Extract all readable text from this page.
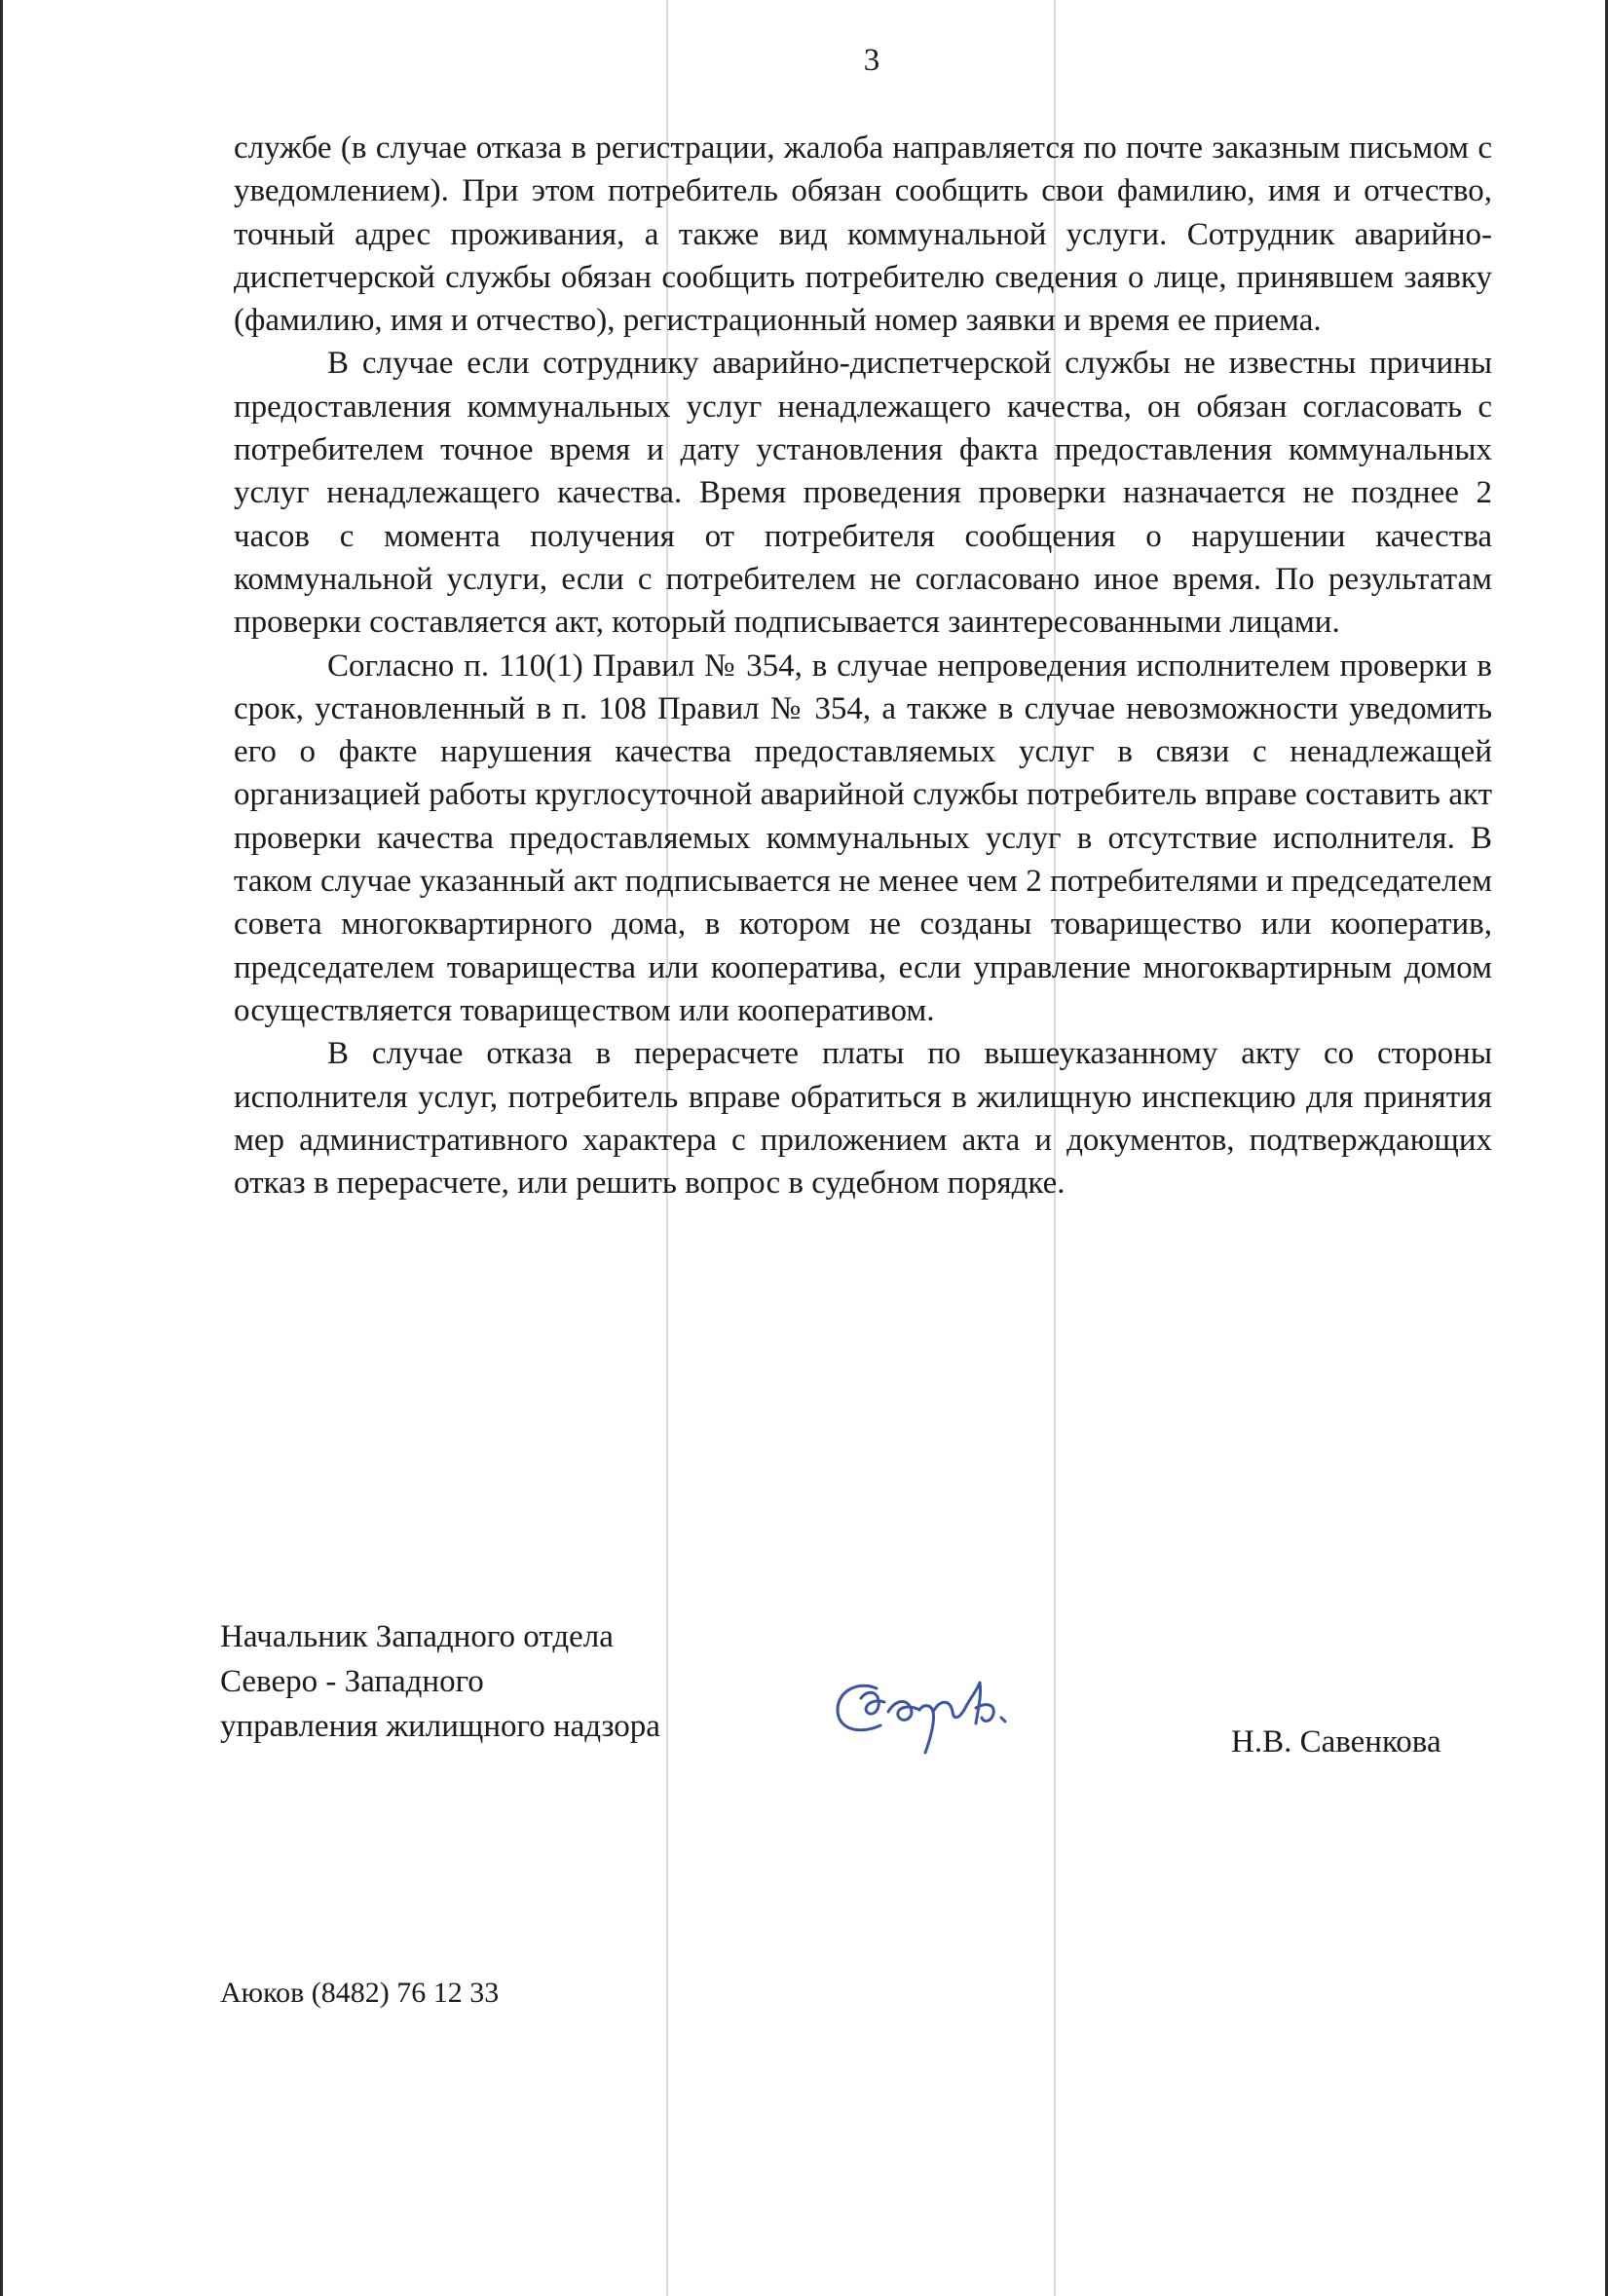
3

службе (в случае отказа в регистрации, жалоба направляется по почте заказным письмом с уведомлением). При этом потребитель обязан сообщить свои фамилию, имя и отчество, точный адрес проживания, а также вид коммунальной услуги. Сотрудник аварийно-диспетчерской службы обязан сообщить потребителю сведения о лице, принявшем заявку (фамилию, имя и отчество), регистрационный номер заявки и время ее приема.

В случае если сотруднику аварийно-диспетчерской службы не известны причины предоставления коммунальных услуг ненадлежащего качества, он обязан согласовать с потребителем точное время и дату установления факта предоставления коммунальных услуг ненадлежащего качества. Время проведения проверки назначается не позднее 2 часов с момента получения от потребителя сообщения о нарушении качества коммунальной услуги, если с потребителем не согласовано иное время. По результатам проверки составляется акт, который подписывается заинтересованными лицами.

Согласно п. 110(1) Правил № 354, в случае непроведения исполнителем проверки в срок, установленный в п. 108 Правил № 354, а также в случае невозможности уведомить его о факте нарушения качества предоставляемых услуг в связи с ненадлежащей организацией работы круглосуточной аварийной службы потребитель вправе составить акт проверки качества предоставляемых коммунальных услуг в отсутствие исполнителя. В таком случае указанный акт подписывается не менее чем 2 потребителями и председателем совета многоквартирного дома, в котором не созданы товарищество или кооператив, председателем товарищества или кооператива, если управление многоквартирным домом осуществляется товариществом или кооперативом.

В случае отказа в перерасчете платы по вышеуказанному акту со стороны исполнителя услуг, потребитель вправе обратиться в жилищную инспекцию для принятия мер административного характера с приложением акта и документов, подтверждающих отказ в перерасчете, или решить вопрос в судебном порядке.

Начальник Западного отдела
Северо - Западного
управления жилищного надзора	Н.В. Савенкова
Аюков (8482) 76 12 33
